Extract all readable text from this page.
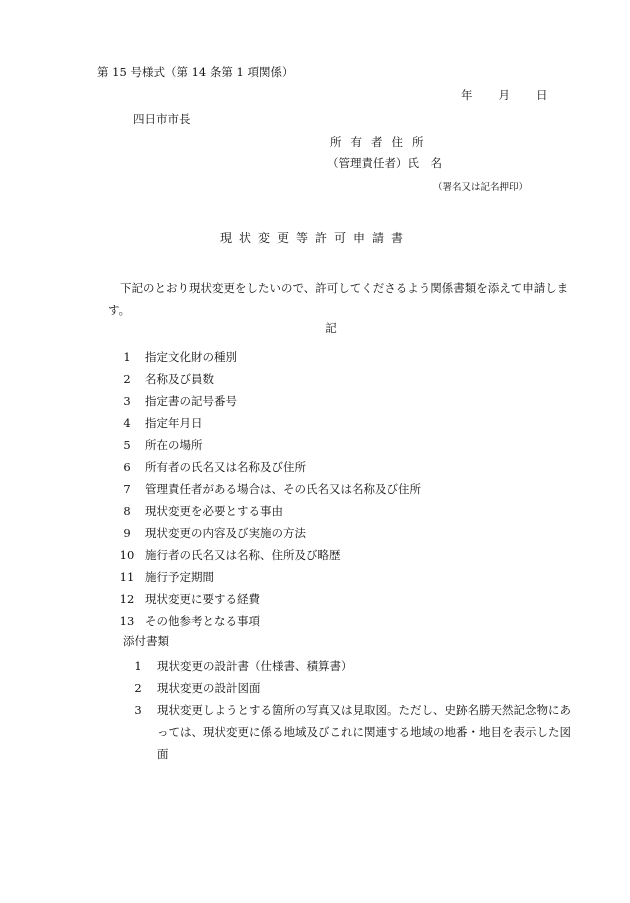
第 15 号様式（第 14 条第 1 項関係）
年 月 日
四日市市長
所有者住所
（管理責任者）氏　名
（署名又は記名押印）
現状変更等許可申請書
下記のとおり現状変更をしたいので、許可してくださるよう関係書類を添えて申請します。
記
1	指定文化財の種別
2	名称及び員数
3	指定書の記号番号
4	指定年月日
5	所在の場所
6	所有者の氏名又は名称及び住所
7	管理責任者がある場合は、その氏名又は名称及び住所
8	現状変更を必要とする事由
9	現状変更の内容及び実施の方法
10 施行者の氏名又は名称、住所及び略歴
11 施行予定期間
12 現状変更に要する経費
13 その他参考となる事項
添付書類
1	現状変更の設計書（仕様書、積算書）
2	現状変更の設計図面
3	現状変更しようとする箇所の写真又は見取図。ただし、史跡名勝天然記念物にあっては、現状変更に係る地域及びこれに関連する地域の地番・地目を表示した図面
